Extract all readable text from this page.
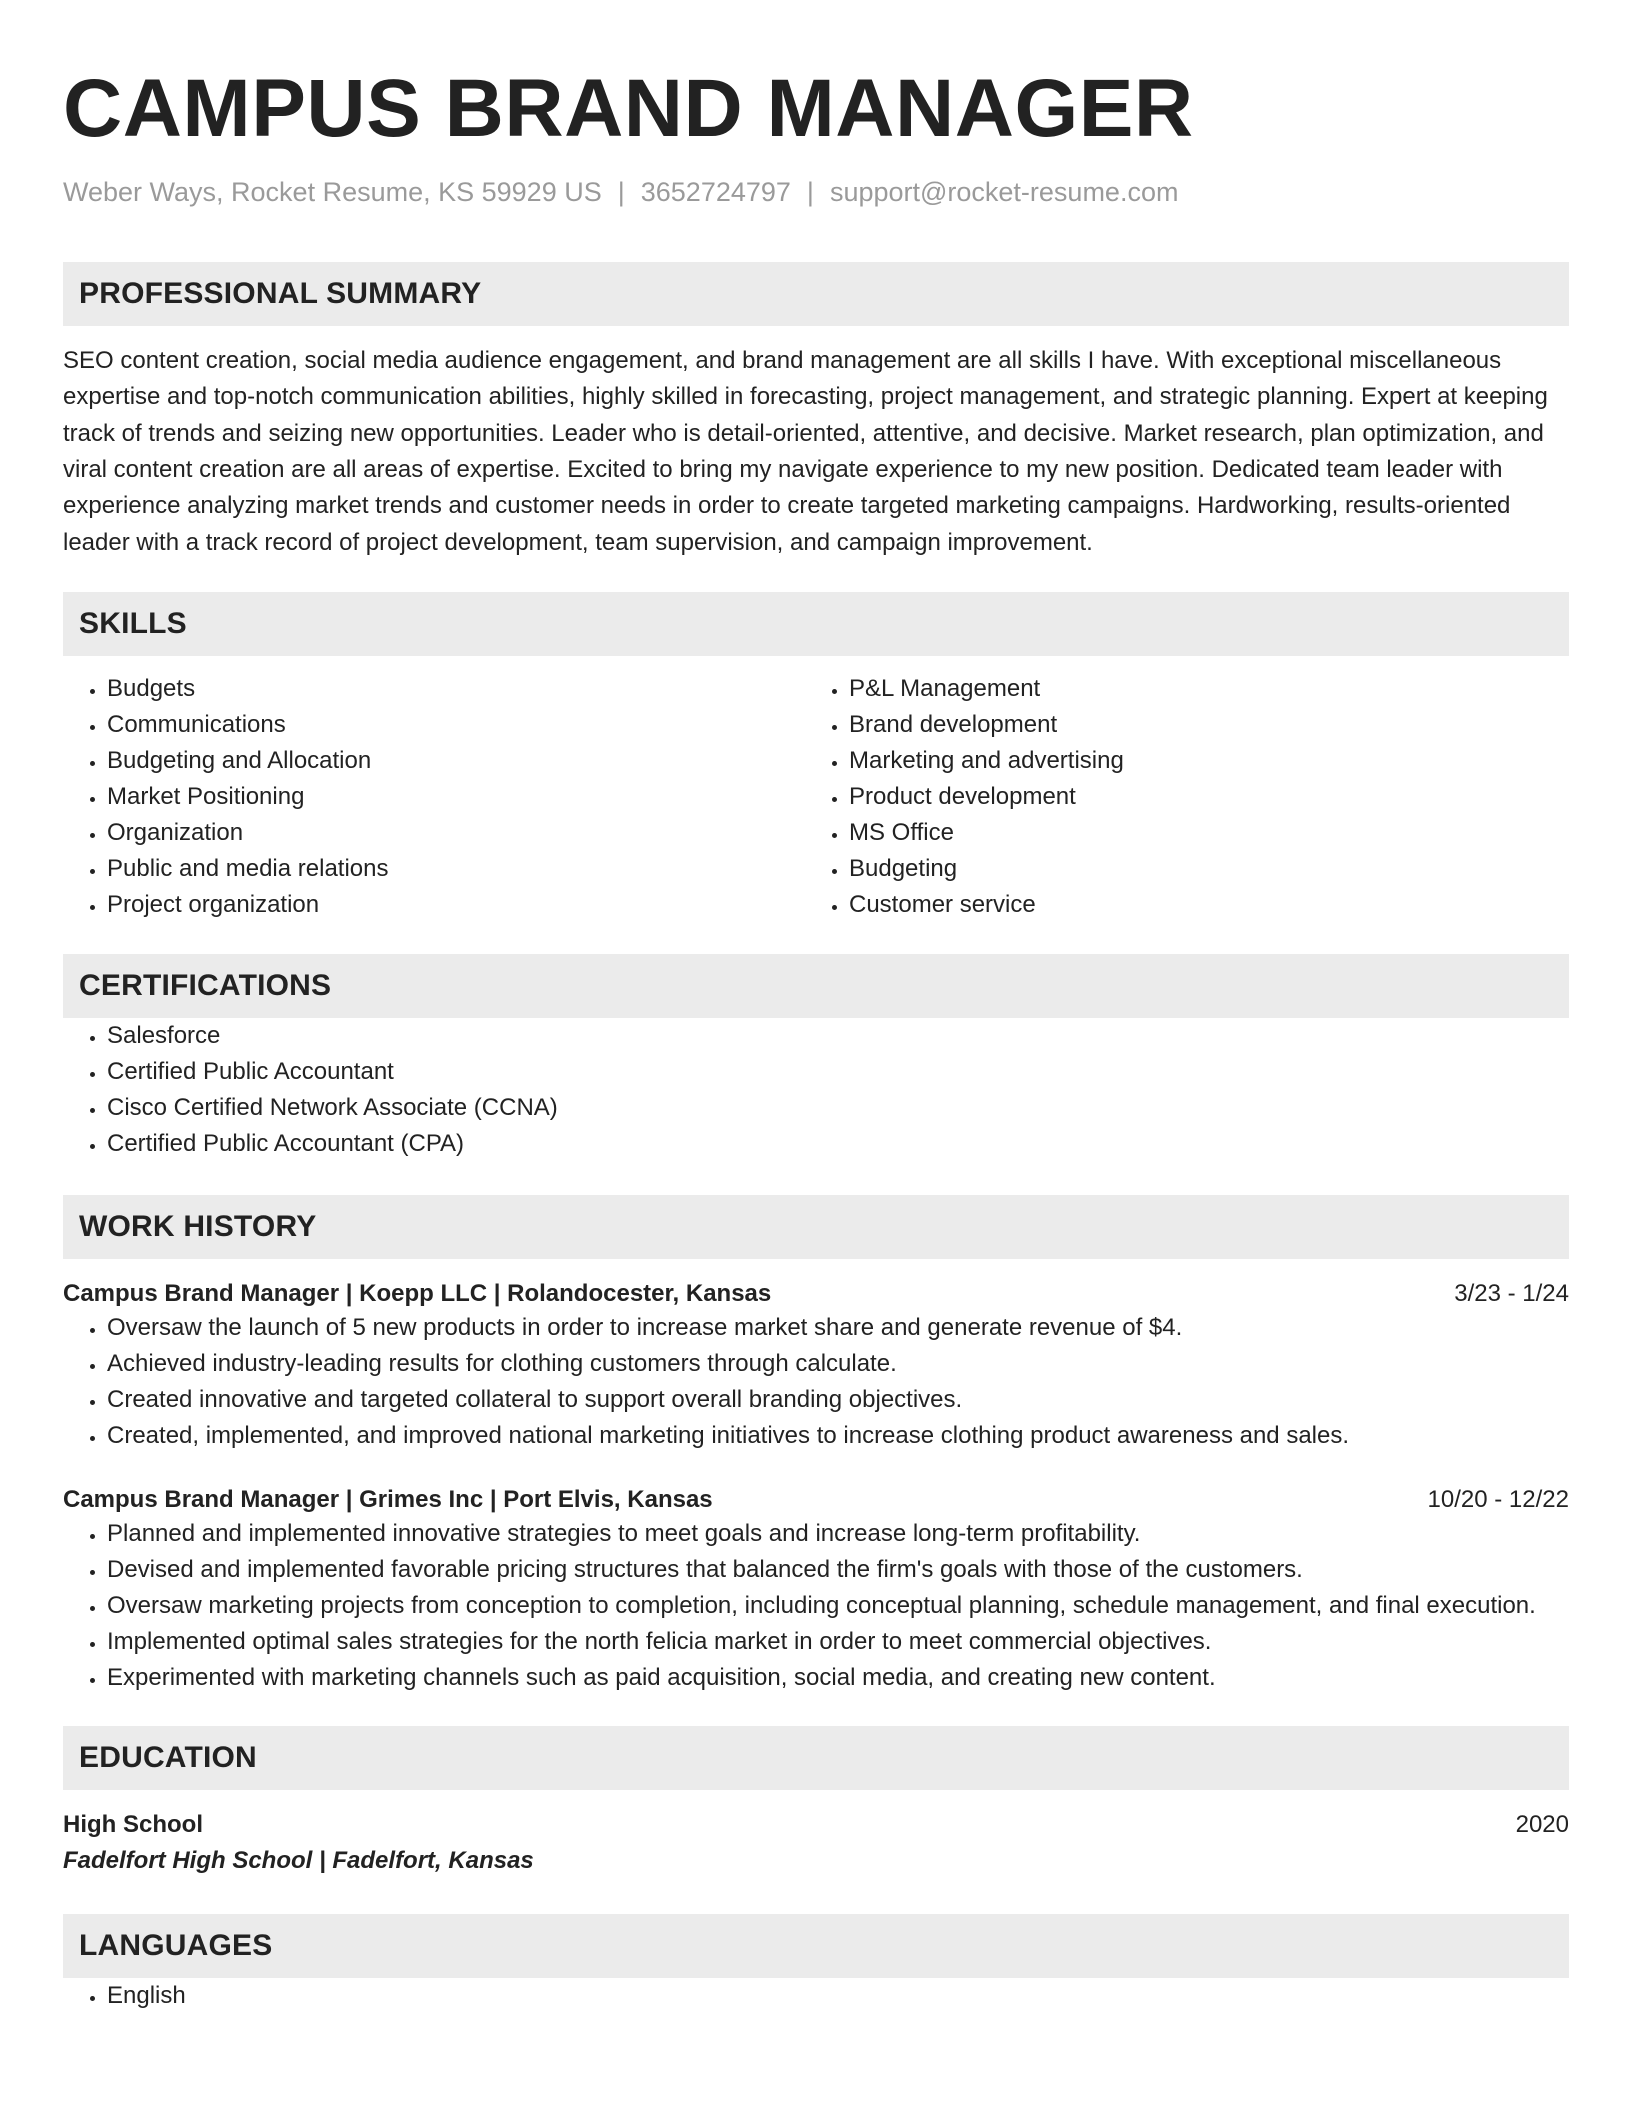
CAMPUS BRAND MANAGER
Weber Ways, Rocket Resume, KS 59929 US | 3652724797 | support@rocket-resume.com
PROFESSIONAL SUMMARY
SEO content creation, social media audience engagement, and brand management are all skills I have. With exceptional miscellaneous expertise and top-notch communication abilities, highly skilled in forecasting, project management, and strategic planning. Expert at keeping track of trends and seizing new opportunities. Leader who is detail-oriented, attentive, and decisive. Market research, plan optimization, and viral content creation are all areas of expertise. Excited to bring my navigate experience to my new position. Dedicated team leader with experience analyzing market trends and customer needs in order to create targeted marketing campaigns. Hardworking, results-oriented leader with a track record of project development, team supervision, and campaign improvement.
SKILLS
• Budgets
• Communications
• Budgeting and Allocation
• Market Positioning
• Organization
• Public and media relations
• Project organization
• P&L Management
• Brand development
• Marketing and advertising
• Product development
• MS Office
• Budgeting
• Customer service
CERTIFICATIONS
• Salesforce
• Certified Public Accountant
• Cisco Certified Network Associate (CCNA)
• Certified Public Accountant (CPA)
WORK HISTORY
Campus Brand Manager | Koepp LLC | Rolandocester, Kansas	3/23 - 1/24
• Oversaw the launch of 5 new products in order to increase market share and generate revenue of $4.
• Achieved industry-leading results for clothing customers through calculate.
• Created innovative and targeted collateral to support overall branding objectives.
• Created, implemented, and improved national marketing initiatives to increase clothing product awareness and sales.
Campus Brand Manager | Grimes Inc | Port Elvis, Kansas	10/20 - 12/22
• Planned and implemented innovative strategies to meet goals and increase long-term profitability.
• Devised and implemented favorable pricing structures that balanced the firm's goals with those of the customers.
• Oversaw marketing projects from conception to completion, including conceptual planning, schedule management, and final execution.
• Implemented optimal sales strategies for the north felicia market in order to meet commercial objectives.
• Experimented with marketing channels such as paid acquisition, social media, and creating new content.
EDUCATION
High School	2020
Fadelfort High School | Fadelfort, Kansas
LANGUAGES
• English
